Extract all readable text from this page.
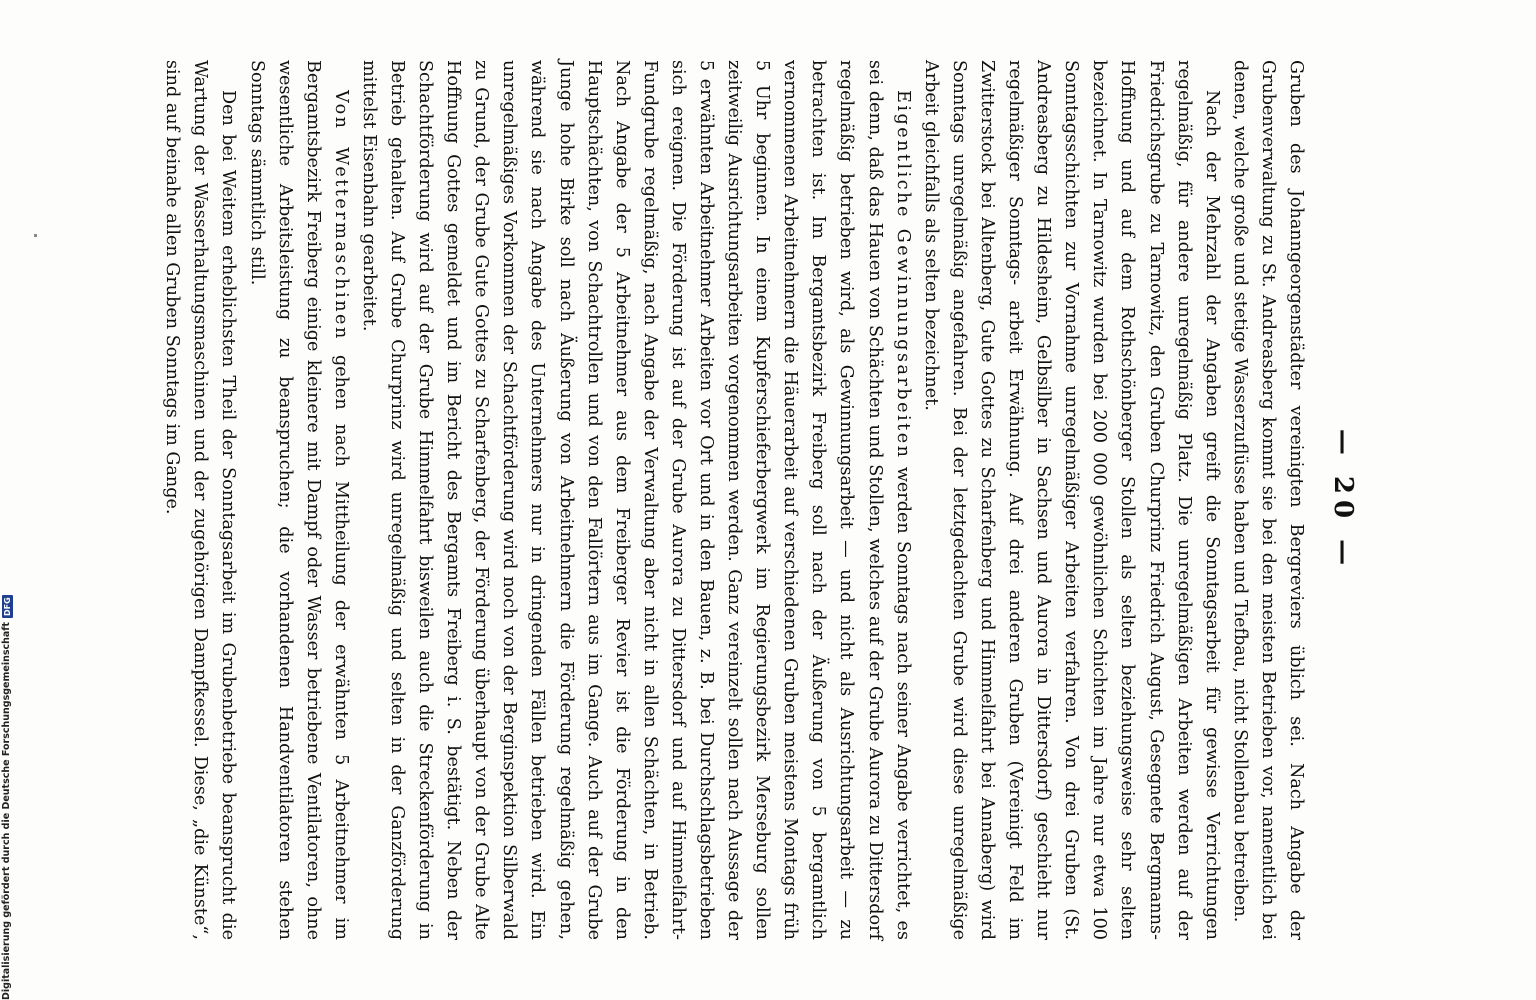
— 20 —

Gruben des Johanngeorgenstädter vereinigten Bergreviers üblich sei. Nach Angabe der Grubenverwaltung zu St. Andreasberg kommt sie bei den meisten Betrieben vor, namentlich bei denen, welche große und stetige Wasserzuflüsse haben und Tiefbau, nicht Stollenbau betreiben.

Nach der Mehrzahl der Angaben greift die Sonntagsarbeit für gewisse Verrichtungen regelmäßig, für andere unregelmäßig Platz. Die unregelmäßigen Arbeiten werden auf der Friedrichsgrube zu Tarnowitz, den Gruben Churprinz Friedrich August, Gesegnete Bergmanns-Hoffnung und auf dem Rothschönberger Stollen als selten beziehungsweise sehr selten bezeichnet. In Tarnowitz wurden bei 200 000 gewöhnlichen Schichten im Jahre nur etwa 100 Sonntagsschichten zur Vornahme unregelmäßiger Arbeiten verfahren. Von drei Gruben (St. Andreasberg zu Hildesheim, Gelbsilber in Sachsen und Aurora in Dittersdorf) geschieht nur regelmäßiger Sonntags- arbeit Erwähnung. Auf drei anderen Gruben (Vereinigt Feld im Zwitterstock bei Altenberg, Gute Gottes zu Scharfenberg und Himmelfahrt bei Annaberg) wird Sonntags unregelmäßig angefahren. Bei der letztgedachten Grube wird diese unregelmäßige Arbeit gleichfalls als selten bezeichnet.

Eigentliche Gewinnungsarbeiten werden Sonntags nach seiner Angabe verrichtet, es sei denn, daß das Hauen von Schächten und Stollen, welches auf der Grube Aurora zu Dittersdorf regelmäßig betrieben wird, als Gewinnungsarbeit — und nicht als Ausrichtungsarbeit — zu betrachten ist. Im Bergamtsbezirk Freiberg soll nach der Äußerung von 5 bergamtlich vernommenen Arbeitnehmern die Häuerarbeit auf verschiedenen Gruben meistens Montags früh 5 Uhr beginnen. In einem Kupferschieferbergwerk im Regierungsbezirk Merseburg sollen zeitweilig Ausrichtungsarbeiten vorgenommen werden. Ganz vereinzelt sollen nach Aussage der 5 erwähnten Arbeitnehmer Arbeiten vor Ort und in den Bauen, z. B. bei Durchschlagsbetrieben sich ereignen. Die Förderung ist auf der Grube Aurora zu Dittersdorf und auf Himmelfahrt-Fundgrube regelmäßig, nach Angabe der Verwaltung aber nicht in allen Schächten, in Betrieb. Nach Angabe der 5 Arbeitnehmer aus dem Freiberger Revier ist die Förderung in den Hauptschächten, von Schachtrollen und von den Fallörtern aus im Gange. Auch auf der Grube Junge hohe Birke soll nach Äußerung von Arbeitnehmern die Förderung regelmäßig gehen, während sie nach Angabe des Unternehmers nur in dringenden Fällen betrieben wird. Ein unregelmäßiges Vorkommen der Schachtförderung wird noch von der Berginspektion Silberwald zu Grund, der Grube Gute Gottes zu Scharfenberg, der Förderung überhaupt von der Grube Alte Hoffnung Gottes gemeldet und im Bericht des Bergamts Freiberg i. S. bestätigt. Neben der Schachtförderung wird auf der Grube Himmelfahrt bisweilen auch die Streckenförderung in Betrieb gehalten. Auf Grube Churprinz wird unregelmäßig und selten in der Ganzförderung mittelst Eisenbahn gearbeitet.

Von Wettermaschinen gehen nach Mittheilung der erwähnten 5 Arbeitnehmer im Bergamtsbezirk Freiberg einige kleinere mit Dampf oder Wasser betriebene Ventilatoren, ohne wesentliche Arbeitsleistung zu beanspruchen; die vorhandenen Handventilatoren stehen Sonntags sämmtlich still.

Den bei Weitem erheblichsten Theil der Sonntagsarbeit im Grubenbetriebe beansprucht die Wartung der Wasserhaltungsmaschinen und der zugehörigen Dampfkessel. Diese, „die Künste“, sind auf beinahe allen Gruben Sonntags im Gange.

Digitalisierung gefördert durch die Deutsche Forschungsgemeinschaft
DFG
